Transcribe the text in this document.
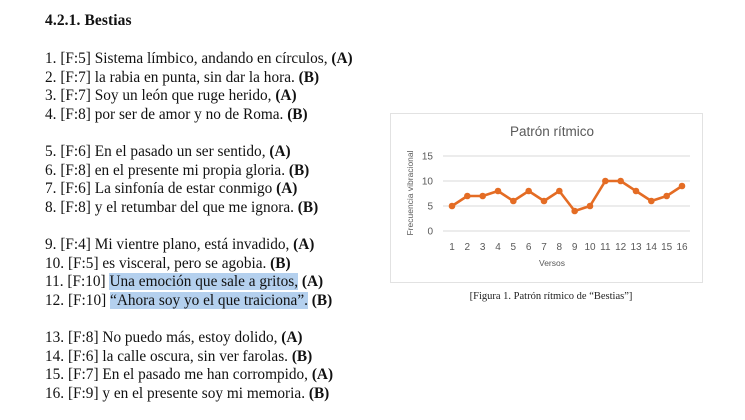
4.2.1. Bestias
1. [F:5] Sistema límbico, andando en círculos, (A)
2. [F:7] la rabia en punta, sin dar la hora. (B)
3. [F:7] Soy un león que ruge herido, (A)
4. [F:8] por ser de amor y no de Roma. (B)
5. [F:6] En el pasado un ser sentido, (A)
6. [F:8] en el presente mi propia gloria. (B)
7. [F:6] La sinfonía de estar conmigo (A)
8. [F:8] y el retumbar del que me ignora. (B)
9. [F:4] Mi vientre plano, está invadido, (A)
10. [F:5] es visceral, pero se agobia. (B)
11. [F:10] Una emoción que sale a gritos, (A)
12. [F:10] “Ahora soy yo el que traiciona”. (B)
13. [F:8] No puedo más, estoy dolido, (A)
14. [F:6] la calle oscura, sin ver farolas. (B)
15. [F:7] En el pasado me han corrompido, (A)
16. [F:9] y en el presente soy mi memoria. (B)
Patrón rítmico
0
5
10
15
Frecuencia vibracional
1 2 3 4 5 6 7 8 9 10 11 12 13 14 15 16
Versos
[Figura 1. Patrón rítmico de “Bestias”]
